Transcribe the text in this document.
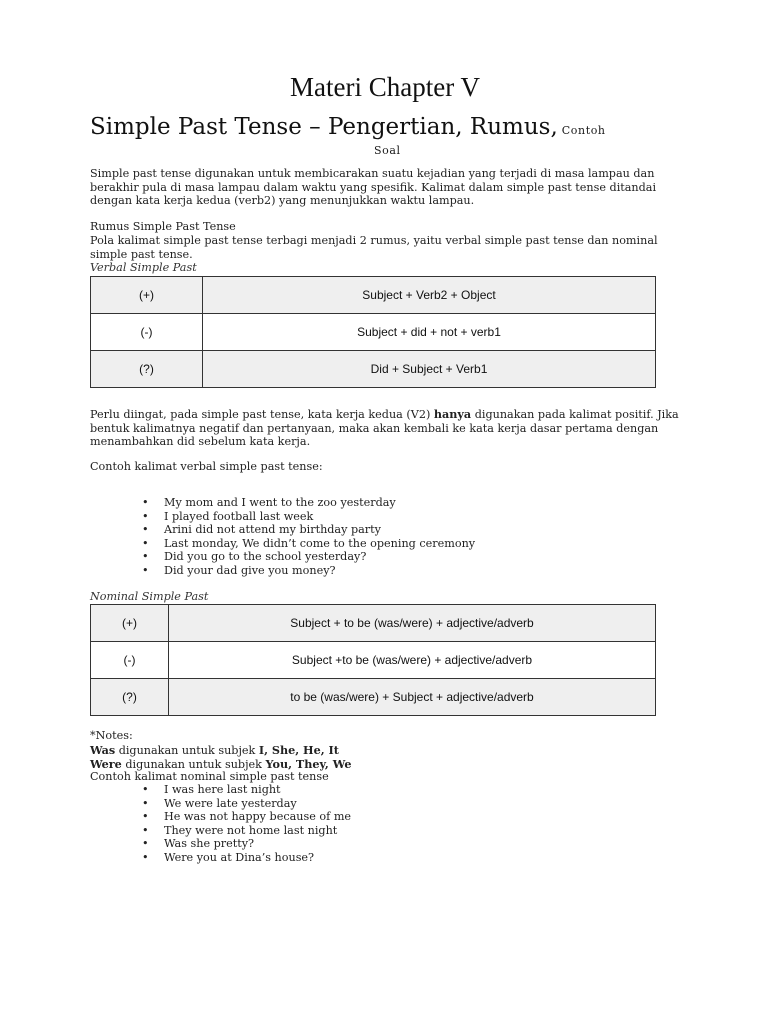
Materi Chapter V
Simple Past Tense – Pengertian, Rumus, Contoh
Soal
Simple past tense digunakan untuk membicarakan suatu kejadian yang terjadi di masa lampau dan berakhir pula di masa lampau dalam waktu yang spesifik. Kalimat dalam simple past tense ditandai dengan kata kerja kedua (verb2) yang menunjukkan waktu lampau.
Rumus Simple Past Tense
Pola kalimat simple past tense terbagi menjadi 2 rumus, yaitu verbal simple past tense dan nominal simple past tense.
Verbal Simple Past
(+)	Subject + Verb2 + Object
(-)	Subject + did + not + verb1
(?)	Did + Subject + Verb1
Perlu diingat, pada simple past tense, kata kerja kedua (V2) hanya digunakan pada kalimat positif. Jika bentuk kalimatnya negatif dan pertanyaan, maka akan kembali ke kata kerja dasar pertama dengan menambahkan did sebelum kata kerja.
Contoh kalimat verbal simple past tense:
• My mom and I went to the zoo yesterday
• I played football last week
• Arini did not attend my birthday party
• Last monday, We didn’t come to the opening ceremony
• Did you go to the school yesterday?
• Did your dad give you money?
Nominal Simple Past
(+)	Subject + to be (was/were) + adjective/adverb
(-)	Subject +to be (was/were) + adjective/adverb
(?)	to be (was/were) + Subject + adjective/adverb
*Notes:
Was digunakan untuk subjek I, She, He, It
Were digunakan untuk subjek You, They, We
Contoh kalimat nominal simple past tense
• I was here last night
• We were late yesterday
• He was not happy because of me
• They were not home last night
• Was she pretty?
• Were you at Dina’s house?
